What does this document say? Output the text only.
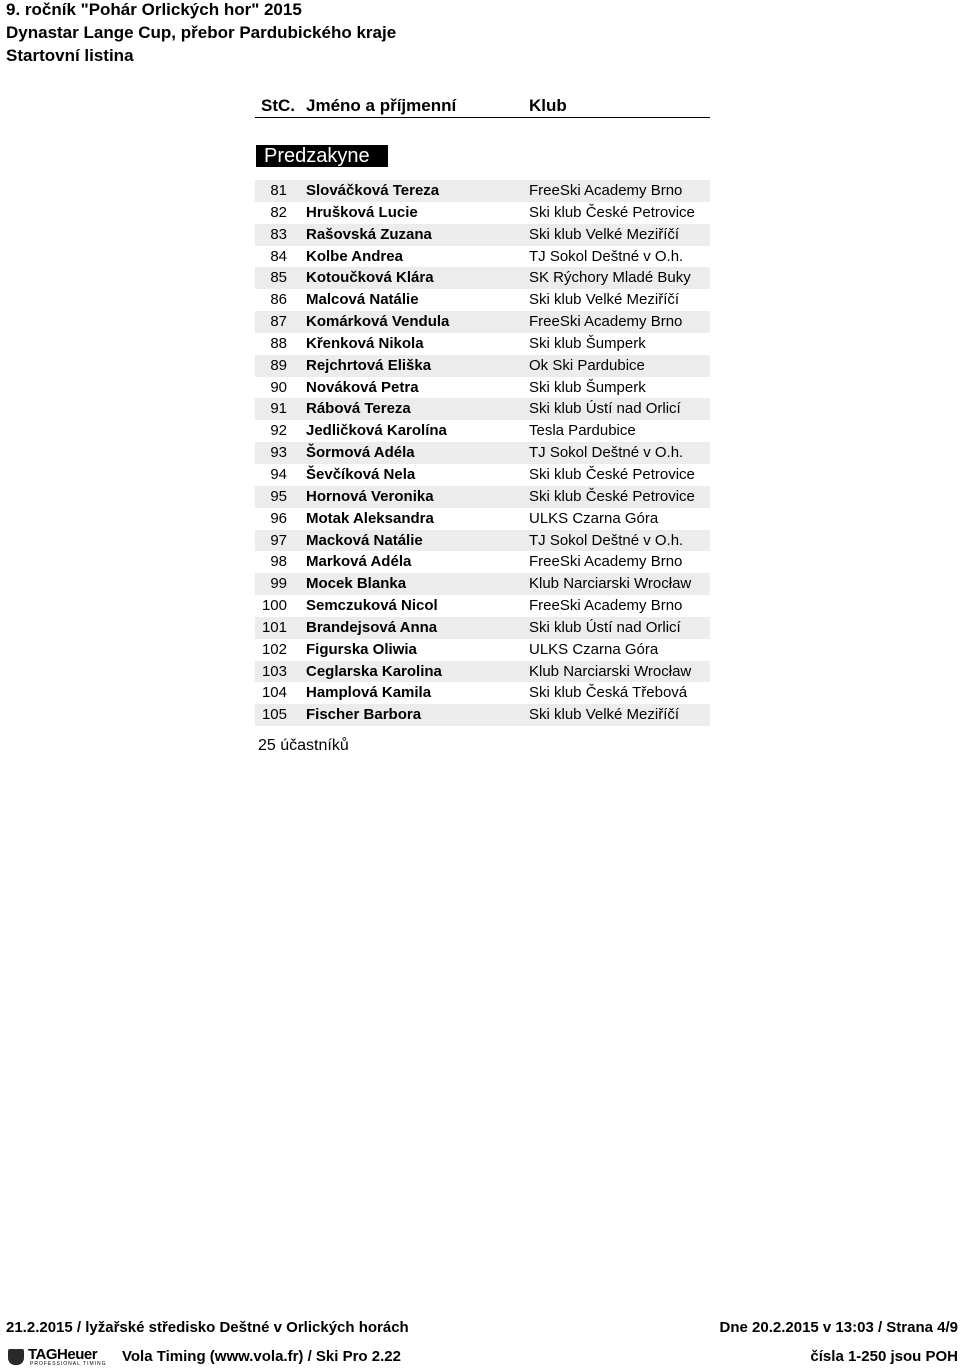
9. ročník "Pohár Orlických hor" 2015
Dynastar Lange Cup, přebor Pardubického kraje
Startovní listina
StC. Jméno a příjmenní	Klub
Predzakyne
81 Slováčková Tereza	FreeSki Academy Brno
82 Hrušková Lucie	Ski klub České Petrovice
83 Rašovská Zuzana	Ski klub Velké Meziříčí
84 Kolbe Andrea	TJ Sokol Deštné v O.h.
85 Kotoučková Klára	SK Rýchory Mladé Buky
86 Malcová Natálie	Ski klub Velké Meziříčí
87 Komárková Vendula	FreeSki Academy Brno
88 Křenková Nikola	Ski klub Šumperk
89 Rejchrtová Eliška	Ok Ski Pardubice
90 Nováková Petra	Ski klub Šumperk
91 Rábová Tereza	Ski klub Ústí nad Orlicí
92 Jedličková Karolína	Tesla Pardubice
93 Šormová Adéla	TJ Sokol Deštné v O.h.
94 Ševčíková Nela	Ski klub České Petrovice
95 Hornová Veronika	Ski klub České Petrovice
96 Motak Aleksandra	ULKS Czarna Góra
97 Macková Natálie	TJ Sokol Deštné v O.h.
98 Marková Adéla	FreeSki Academy Brno
99 Mocek Blanka	Klub Narciarski Wrocław
100 Semczuková Nicol	FreeSki Academy Brno
101 Brandejsová Anna	Ski klub Ústí nad Orlicí
102 Figurska Oliwia	ULKS Czarna Góra
103 Ceglarska Karolina	Klub Narciarski Wrocław
104 Hamplová Kamila	Ski klub Česká Třebová
105 Fischer Barbora	Ski klub Velké Meziříčí
25 účastníků
21.2.2015 / lyžařské středisko Deštné v Orlických horách	Dne 20.2.2015 v 13:03 / Strana 4/9
TAGHeuer
PROFESSIONAL TIMING Vola Timing (www.vola.fr) / Ski Pro 2.22	čísla 1-250 jsou POH
